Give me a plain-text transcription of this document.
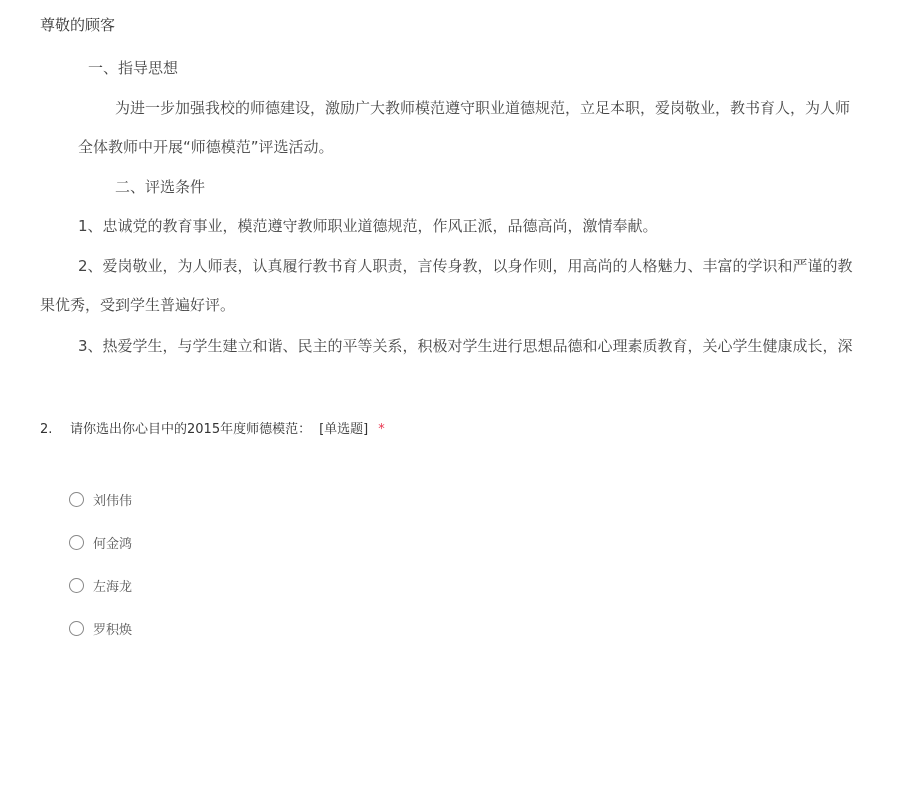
尊敬的顾客
一、指导思想
为进一步加强我校的师德建设，激励广大教师模范遵守职业道德规范，立足本职，爱岗敬业，教书育人，为人师
全体教师中开展“师德模范”评选活动。
二、评选条件
1、忠诚党的教育事业，模范遵守教师职业道德规范，作风正派，品德高尚，激情奉献。
2、爱岗敬业，为人师表，认真履行教书育人职责，言传身教，以身作则，用高尚的人格魅力、丰富的学识和严谨的教
果优秀，受到学生普遍好评。
3、热爱学生，与学生建立和谐、民主的平等关系，积极对学生进行思想品德和心理素质教育，关心学生健康成长，深
2. 请你选出你心目中的2015年度师德模范： [单选题] *
刘伟伟
何金鸿
左海龙
罗积焕
